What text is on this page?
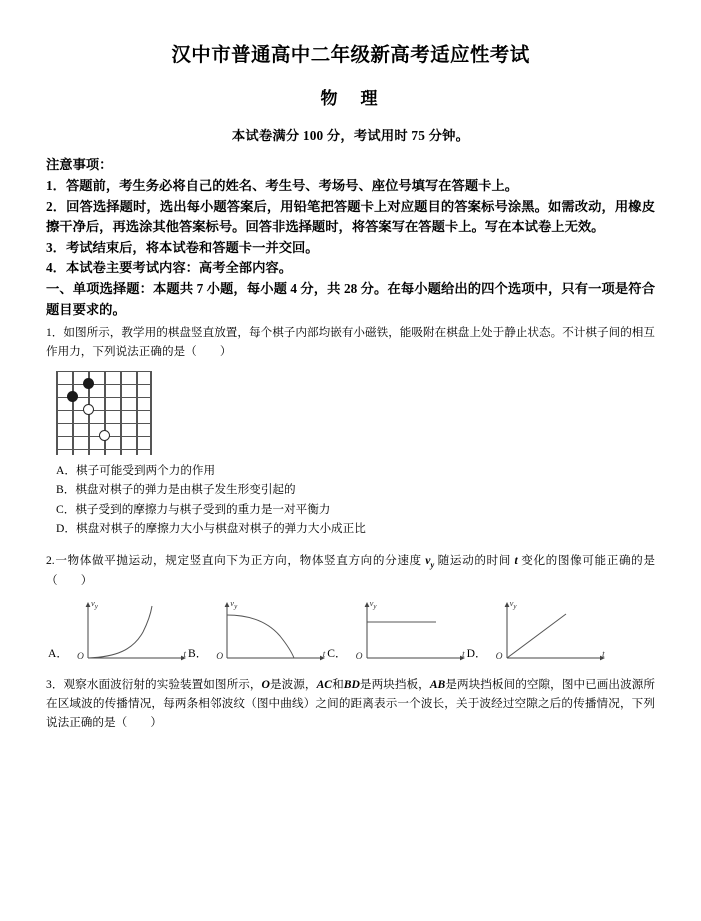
汉中市普通高中二年级新高考适应性考试
物　理
本试卷满分 100 分，考试用时 75 分钟。
注意事项：
1．答题前，考生务必将自己的姓名、考生号、考场号、座位号填写在答题卡上。
2．回答选择题时，选出每小题答案后，用铅笔把答题卡上对应题目的答案标号涂黑。如需改动，用橡皮擦干净后，再选涂其他答案标号。回答非选择题时，将答案写在答题卡上。写在本试卷上无效。
3．考试结束后，将本试卷和答题卡一并交回。
4．本试卷主要考试内容：高考全部内容。
一、单项选择题：本题共 7 小题，每小题 4 分，共 28 分。在每小题给出的四个选项中，只有一项是符合题目要求的。
1．如图所示，教学用的棋盘竖直放置，每个棋子内部均嵌有小磁铁，能吸附在棋盘上处于静止状态。不计棋子间的相互作用力，下列说法正确的是（　　）
A．棋子可能受到两个力的作用
B．棋盘对棋子的弹力是由棋子发生形变引起的
C．棋子受到的摩擦力与棋子受到的重力是一对平衡力
D．棋盘对棋子的摩擦力大小与棋盘对棋子的弹力大小成正比
2.一物体做平抛运动，规定竖直向下为正方向，物体竖直方向的分速度 $v_y$ 随运动的时间 t 变化的图像可能正确的是（　　）
A． O
$v_y$
t B． O
$v_y$
t C． O
$v_y$
t D． O
$v_y$
t
3．观察水面波衍射的实验装置如图所示，O是波源，AC和BD是两块挡板，AB是两块挡板间的空隙，图中已画出波源所在区域波的传播情况，每两条相邻波纹（图中曲线）之间的距离表示一个波长，关于波经过空隙之后的传播情况，下列说法正确的是（　　）
